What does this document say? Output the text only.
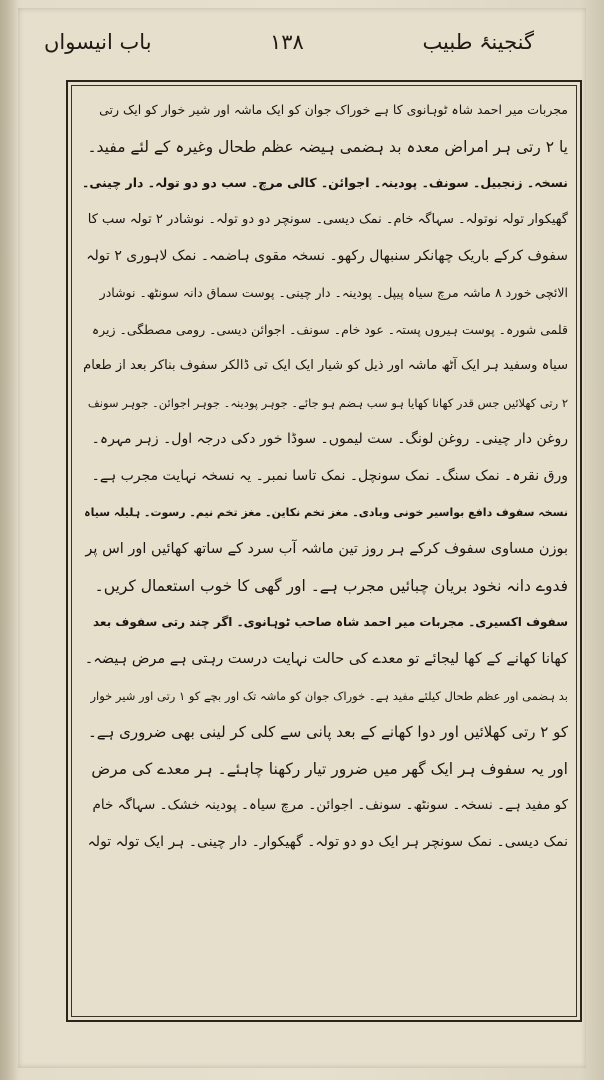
گنجینۂ طبیب
۱۳۸
باب انیسواں
مجربات میر احمد شاہ ٹوہانوی کا ہے خوراک جوان کو ایک ماشہ اور شیر خوار کو ایک رتی
یا ۲ رتی ہر امراض معدہ بد ہضمی ہیضہ عظم طحال وغیرہ کے لئے مفید۔
نسخہ۔ زنجبیل۔ سونف۔ پودینہ۔ اجوائن۔ کالی مرچ۔ سب دو دو تولہ۔ دار چینی۔
گھیکوار تولہ نوتولہ۔ سہاگہ خام۔ نمک دیسی۔ سونچر دو دو تولہ۔ نوشادر ۲ تولہ سب کا
سفوف کرکے باریک چھانکر سنبھال رکھو۔ نسخہ مقوی ہاضمہ۔ نمک لاہوری ۲ تولہ
الائچی خورد ۸ ماشہ مرچ سیاہ پیپل۔ پودینہ۔ دار چینی۔ پوست سماق دانہ سونٹھ۔ نوشادر
قلمی شورہ۔ پوست ہیروں پستہ۔ عود خام۔ سونف۔ اجوائن دیسی۔ رومی مصطگی۔ زیرہ
سیاہ وسفید ہر ایک آٹھ ماشہ اور ذیل کو شیار ایک ایک تی ڈالکر سفوف بناکر بعد از طعام
۲ رتی کھلائیں جس قدر کھانا کھایا ہو سب ہضم ہو جائے۔ جوہر پودینہ۔ جوہر اجوائن۔ جوہر سونف
روغن دار چینی۔ روغن لونگ۔ ست لیموں۔ سوڈا خور دکی درجہ اول۔ زہر مہرہ۔
ورق نقرہ۔ نمک سنگ۔ نمک سونچل۔ نمک تاسا نمبر۔ یہ نسخہ نہایت مجرب ہے۔
نسخہ سفوف دافع بواسیر خونی وبادی۔ مغز تخم نکاین۔ مغز تخم نیم۔ رسوت۔ ہلیلہ سیاہ
بوزن مساوی سفوف کرکے ہر روز تین ماشہ آب سرد کے ساتھ کھائیں اور اس پر
فدوے دانہ نخود بریان چبائیں مجرب ہے۔ اور گھی کا خوب استعمال کریں۔
سفوف اکسیری۔ مجربات میر احمد شاہ صاحب ٹوہانوی۔ اگر چند رتی سفوف بعد
کھانا کھانے کے کھا لیجائے تو معدے کی حالت نہایت درست رہتی ہے مرض ہیضہ۔
بد ہضمی اور عظم طحال کیلئے مفید ہے۔ خوراک جوان کو ماشہ تک اور بچے کو ۱ رتی اور شیر خوار
کو ۲ رتی کھلائیں اور دوا کھانے کے بعد پانی سے کلی کر لینی بھی ضروری ہے۔
اور یہ سفوف ہر ایک گھر میں ضرور تیار رکھنا چاہئے۔ ہر معدے کی مرض
کو مفید ہے۔ نسخہ۔ سونٹھ۔ سونف۔ اجوائن۔ مرچ سیاہ۔ پودینہ خشک۔ سہاگہ خام
نمک دیسی۔ نمک سونچر ہر ایک دو دو تولہ۔ گھیکوار۔ دار چینی۔ ہر ایک تولہ تولہ
